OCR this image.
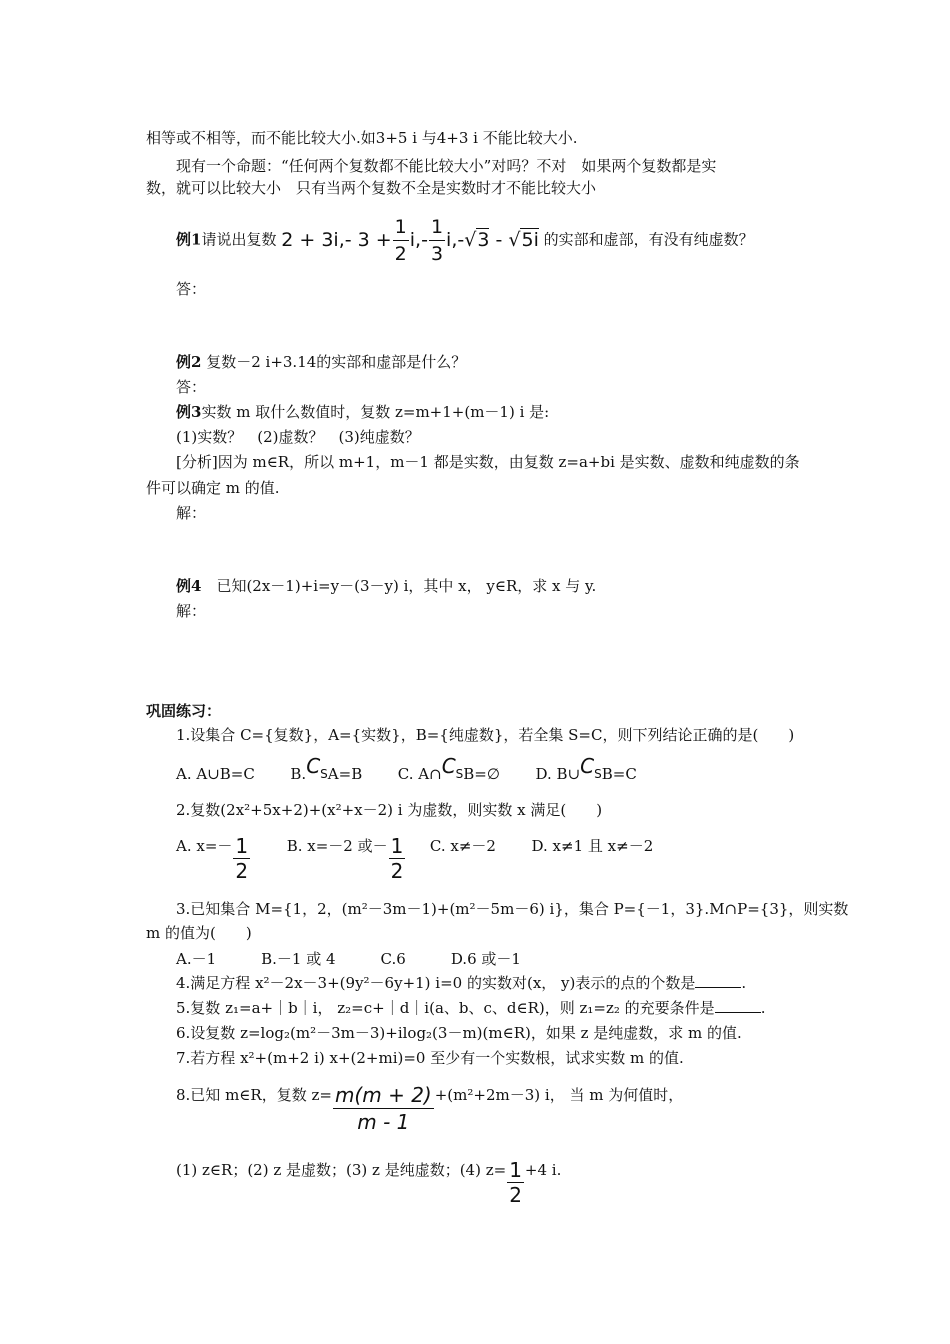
相等或不相等，而不能比较大小.如3+5 i 与4+3 i 不能比较大小.
现有一个命题：“任何两个复数都不能比较大小”对吗？不对　如果两个复数都是实
数，就可以比较大小　只有当两个复数不全是实数时才不能比较大小
例1请说出复数 2 + 3i,- $3 + \frac{1}{2} i,- \frac{1}{3} i,-√3 - √5i$ 的实部和虚部，有没有纯虚数？
答：
例2 复数－2 i+3.14的实部和虚部是什么？
答：
例3实数 m 取什么数值时，复数 z=m+1+(m－1) i 是:
(1)实数？　(2)虚数？　(3)纯虚数？
[分析]因为 m∈R，所以 m+1，m－1 都是实数，由复数 z=a+bi 是实数、虚数和纯虚数的条
件可以确定 m 的值.
解：
例4　已知(2x－1)+i=y－(3－y) i，其中 x， y∈R，求 x 与 y.
解：
巩固练习：
1.设集合 C={复数}，A={实数}，B={纯虚数}，若全集 S=C，则下列结论正确的是(　　)
A. A∪B=C $B.C_SA=B$ C. $A\cap C_SB=\emptyset$ D. $B\cup C_SB=C$
2.复数(2x²+5x+2)+(x²+x－2) i 为虚数，则实数 x 满足(　　)
A. $x=- \frac{1}{2} B$. x=－2 或－ $\frac{1}{2} C$. x≠－2 D. x≠1 且 x≠－2
3.已知集合 M={1，2，(m²－3m－1)+(m²－5m－6) i}，集合 P={－1，3}.M∩P={3}，则实数
m 的值为(　　)
A.－1　　　B.－1 或 4　　　C.6　　　D.6 或－1
4.满足方程 x²－2x－3+(9y²－6y+1) i=0 的实数对(x， y)表示的点的个数是	.
5.复数 z₁=a+｜b｜i， z₂=c+｜d｜i(a、b、c、d∈R)，则 z₁=z₂ 的充要条件是	.
6.设复数 z=log₂(m²－3m－3)+ilog₂(3－m)(m∈R)，如果 z 是纯虚数，求 m 的值.
7.若方程 x²+(m+2 i) x+(2+mi)=0 至少有一个实数根，试求实数 m 的值.
8.已知 m∈R，复数 $z= \frac{m(m + 2)}{m - 1} +(m^2+2m-3)$ i， 当 m 为何值时，
(1) z∈R；(2) z 是虚数；(3) z 是纯虚数；(4) $z= \frac{1}{2} +4$ i.
